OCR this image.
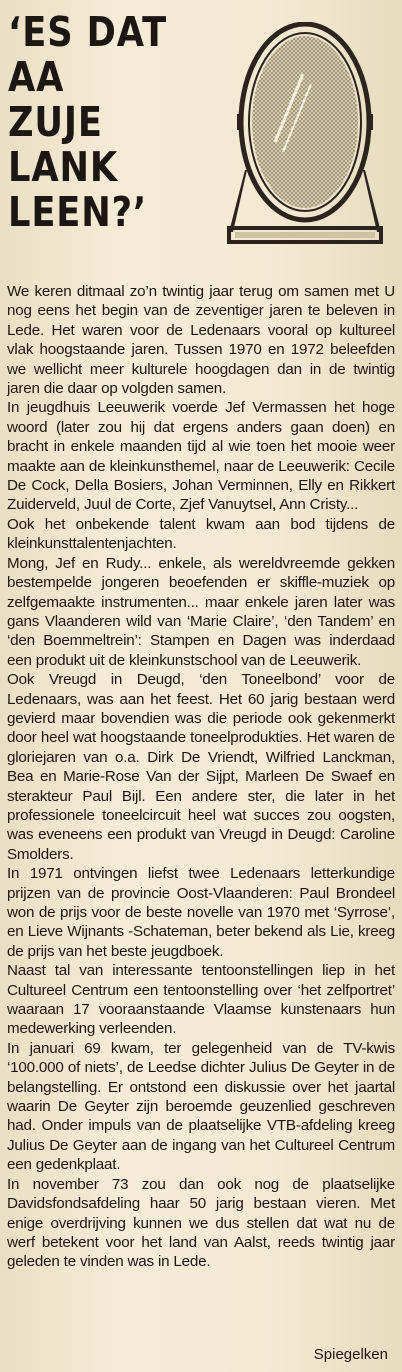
‘ES DAT
AA
ZUJE
LANK
LEEN?’

We keren ditmaal zo’n twintig jaar terug om samen met U nog eens het begin van de zeventiger jaren te beleven in Lede. Het waren voor de Ledenaars vooral op kultureel vlak hoogstaande jaren. Tussen 1970 en 1972 beleefden we wellicht meer kulturele hoogdagen dan in de twintig jaren die daar op volgden samen.

In jeugdhuis Leeuwerik voerde Jef Vermassen het hoge woord (later zou hij dat ergens anders gaan doen) en bracht in enkele maanden tijd al wie toen het mooie weer maakte aan de kleinkunsthemel, naar de Leeuwerik: Cecile De Cock, Della Bosiers, Johan Verminnen, Elly en Rikkert Zuiderveld, Juul de Corte, Zjef Vanuytsel, Ann Cristy...

Ook het onbekende talent kwam aan bod tijdens de kleinkunsttalentenjachten.

Mong, Jef en Rudy... enkele, als wereldvreemde gekken bestempelde jongeren beoefenden er skiffle-muziek op zelfgemaakte instrumenten... maar enkele jaren later was gans Vlaanderen wild van ‘Marie Claire’, ‘den Tandem’ en ‘den Boemmeltrein’: Stampen en Dagen was inderdaad een produkt uit de kleinkunstschool van de Leeuwerik.

Ook Vreugd in Deugd, ‘den Toneelbond’ voor de Ledenaars, was aan het feest. Het 60 jarig bestaan werd gevierd maar bovendien was die periode ook gekenmerkt door heel wat hoogstaande toneelprodukties. Het waren de gloriejaren van o.a. Dirk De Vriendt, Wilfried Lanckman, Bea en Marie-Rose Van der Sijpt, Marleen De Swaef en sterakteur Paul Bijl. Een andere ster, die later in het professionele toneelcircuit heel wat succes zou oogsten, was eveneens een produkt van Vreugd in Deugd: Caroline Smolders.

In 1971 ontvingen liefst twee Ledenaars letterkundige prijzen van de provincie Oost-Vlaanderen: Paul Brondeel won de prijs voor de beste novelle van 1970 met ‘Syrrose’, en Lieve Wijnants -Schateman, beter bekend als Lie, kreeg de prijs van het beste jeugdboek.

Naast tal van interessante tentoonstellingen liep in het Cultureel Centrum een tentoonstelling over ‘het zelfportret’ waaraan 17 vooraanstaande Vlaamse kunstenaars hun medewerking verleenden.

In januari 69 kwam, ter gelegenheid van de TV-kwis ‘100.000 of niets’, de Leedse dichter Julius De Geyter in de belangstelling. Er ontstond een diskussie over het jaartal waarin De Geyter zijn beroemde geuzenlied geschreven had. Onder impuls van de plaatselijke VTB-afdeling kreeg Julius De Geyter aan de ingang van het Cultureel Centrum een gedenkplaat.

In november 73 zou dan ook nog de plaatselijke Davidsfondsafdeling haar 50 jarig bestaan vieren. Met enige overdrijving kunnen we dus stellen dat wat nu de werf betekent voor het land van Aalst, reeds twintig jaar geleden te vinden was in Lede.

Spiegelken
